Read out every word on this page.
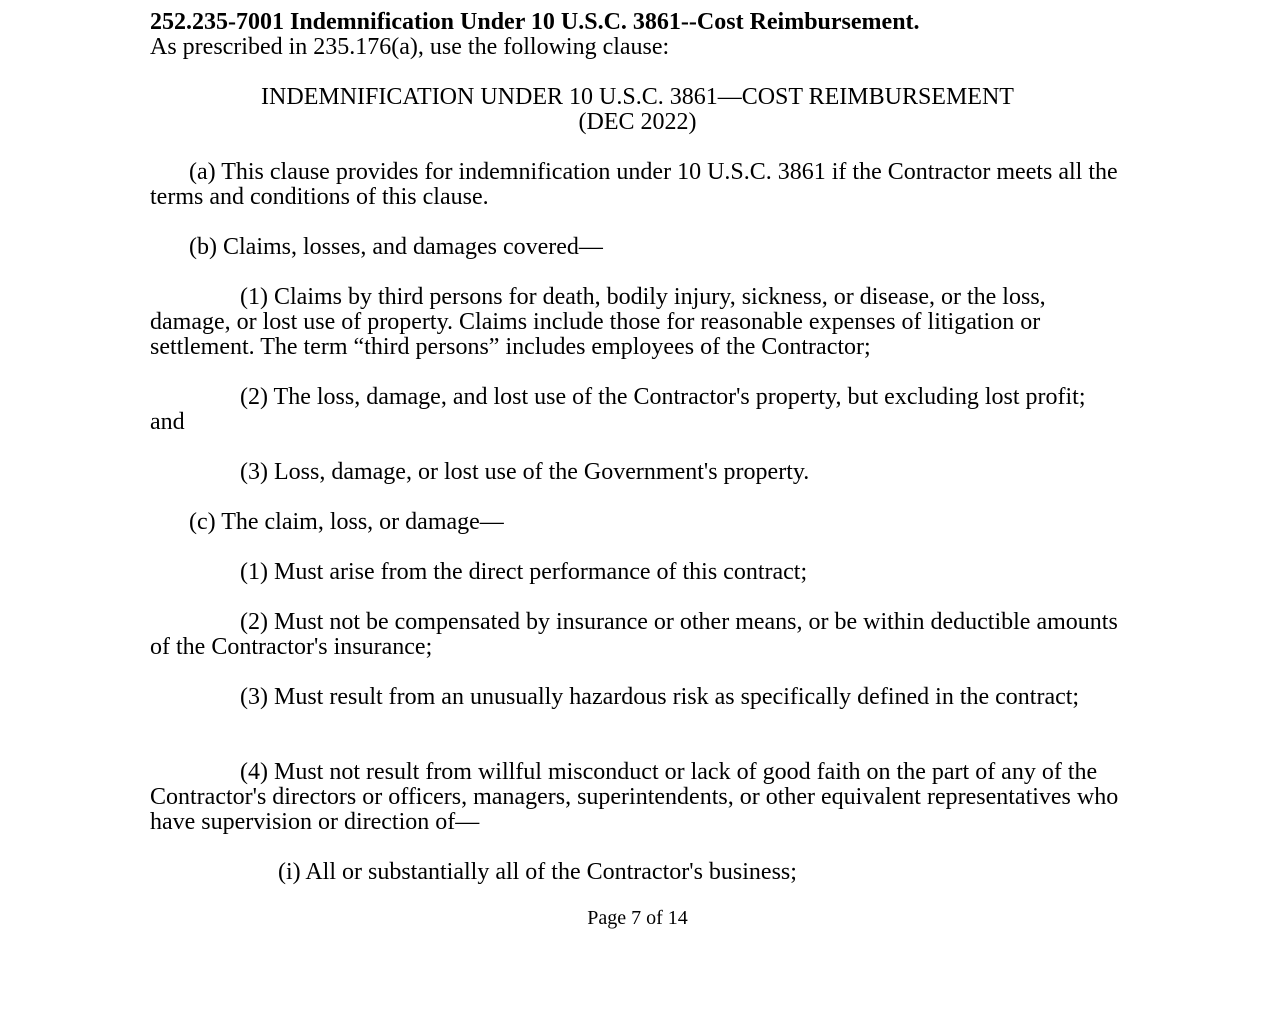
252.235-7001 Indemnification Under 10 U.S.C. 3861--Cost Reimbursement.

As prescribed in 235.176(a), use the following clause:

INDEMNIFICATION UNDER 10 U.S.C. 3861—COST REIMBURSEMENT

(DEC 2022)

(a) This clause provides for indemnification under 10 U.S.C. 3861 if the Contractor meets all the terms and conditions of this clause.

(b) Claims, losses, and damages covered—

(1) Claims by third persons for death, bodily injury, sickness, or disease, or the loss, damage, or lost use of property. Claims include those for reasonable expenses of litigation or settlement. The term “third persons” includes employees of the Contractor;

(2) The loss, damage, and lost use of the Contractor's property, but excluding lost profit; and

(3) Loss, damage, or lost use of the Government's property.

(c) The claim, loss, or damage—

(1) Must arise from the direct performance of this contract;

(2) Must not be compensated by insurance or other means, or be within deductible amounts of the Contractor's insurance;

(3) Must result from an unusually hazardous risk as specifically defined in the contract;

(4) Must not result from willful misconduct or lack of good faith on the part of any of the Contractor's directors or officers, managers, superintendents, or other equivalent representatives who have supervision or direction of—

(i) All or substantially all of the Contractor's business;

Page 7 of 14
